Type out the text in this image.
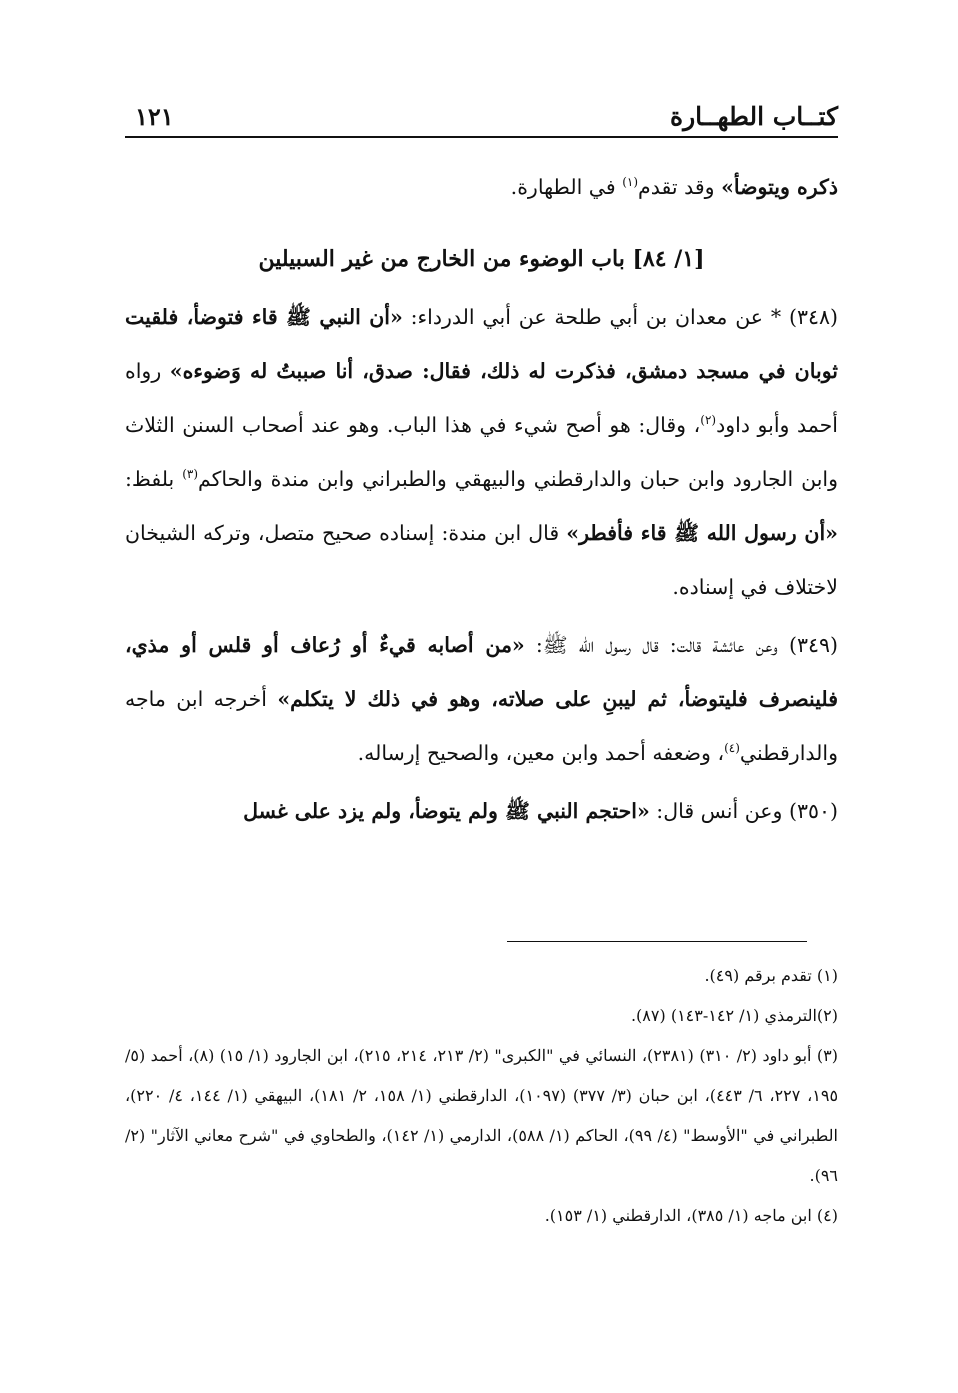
كتــاب الطهــارة
١٢١

ذكره ويتوضأ» وقد تقدم$^{(١)}$ في الطهارة.

[١/ ٨٤] باب الوضوء من الخارج من غير السبيلين

(٣٤٨) * عن معدان بن أبي طلحة عن أبي الدرداء: «أن النبي ﷺ قاء فتوضأ، فلقيت ثوبان في مسجد دمشق، فذكرت له ذلك، فقال: صدق، أنا صببتُ له وَضوءه» رواه أحمد وأبو داود$^{(٢)}$، وقال: هو أصح شيء في هذا الباب. وهو عند أصحاب السنن الثلاث وابن الجارود وابن حبان والدارقطني والبيهقي والطبراني وابن مندة والحاكم$^{(٣)}$ بلفظ: «أن رسول الله ﷺ قاء فأفطر» قال ابن مندة: إسناده صحيح متصل، وتركه الشيخان لاختلاف في إسناده.

(٣٤٩) وعن عائشة قالت: قال رسول الله ﷺ: «من أصابه قيءٌ أو رُعاف أو قلس أو مذي، فلينصرف فليتوضأ، ثم ليبنِ على صلاته، وهو في ذلك لا يتكلم» أخرجه ابن ماجه والدارقطني$^{(٤)}$، وضعفه أحمد وابن معين، والصحيح إرساله.

(٣٥٠) وعن أنس قال: «احتجم النبي ﷺ ولم يتوضأ، ولم يزد على غسل

(١) تقدم برقم (٤٩).

(٢)الترمذي (١/ ١٤٢-١٤٣) (٨٧).

(٣) أبو داود (٢/ ٣١٠) (٢٣٨١)، النسائي في "الكبرى" (٢/ ٢١٣، ٢١٤، ٢١٥)، ابن الجارود (١/ ١٥) (٨)، أحمد (٥/ ١٩٥، ٢٢٧، ٦/ ٤٤٣)، ابن حبان (٣/ ٣٧٧) (١٠٩٧)، الدارقطني (١/ ١٥٨، ٢/ ١٨١)، البيهقي (١/ ١٤٤، ٤/ ٢٢٠)، الطبراني في "الأوسط" (٤/ ٩٩)، الحاكم (١/ ٥٨٨)، الدارمي (١/ ١٤٢)، والطحاوي في "شرح معاني الآثار" (٢/ ٩٦).

(٤) ابن ماجه (١/ ٣٨٥)، الدارقطني (١/ ١٥٣).
